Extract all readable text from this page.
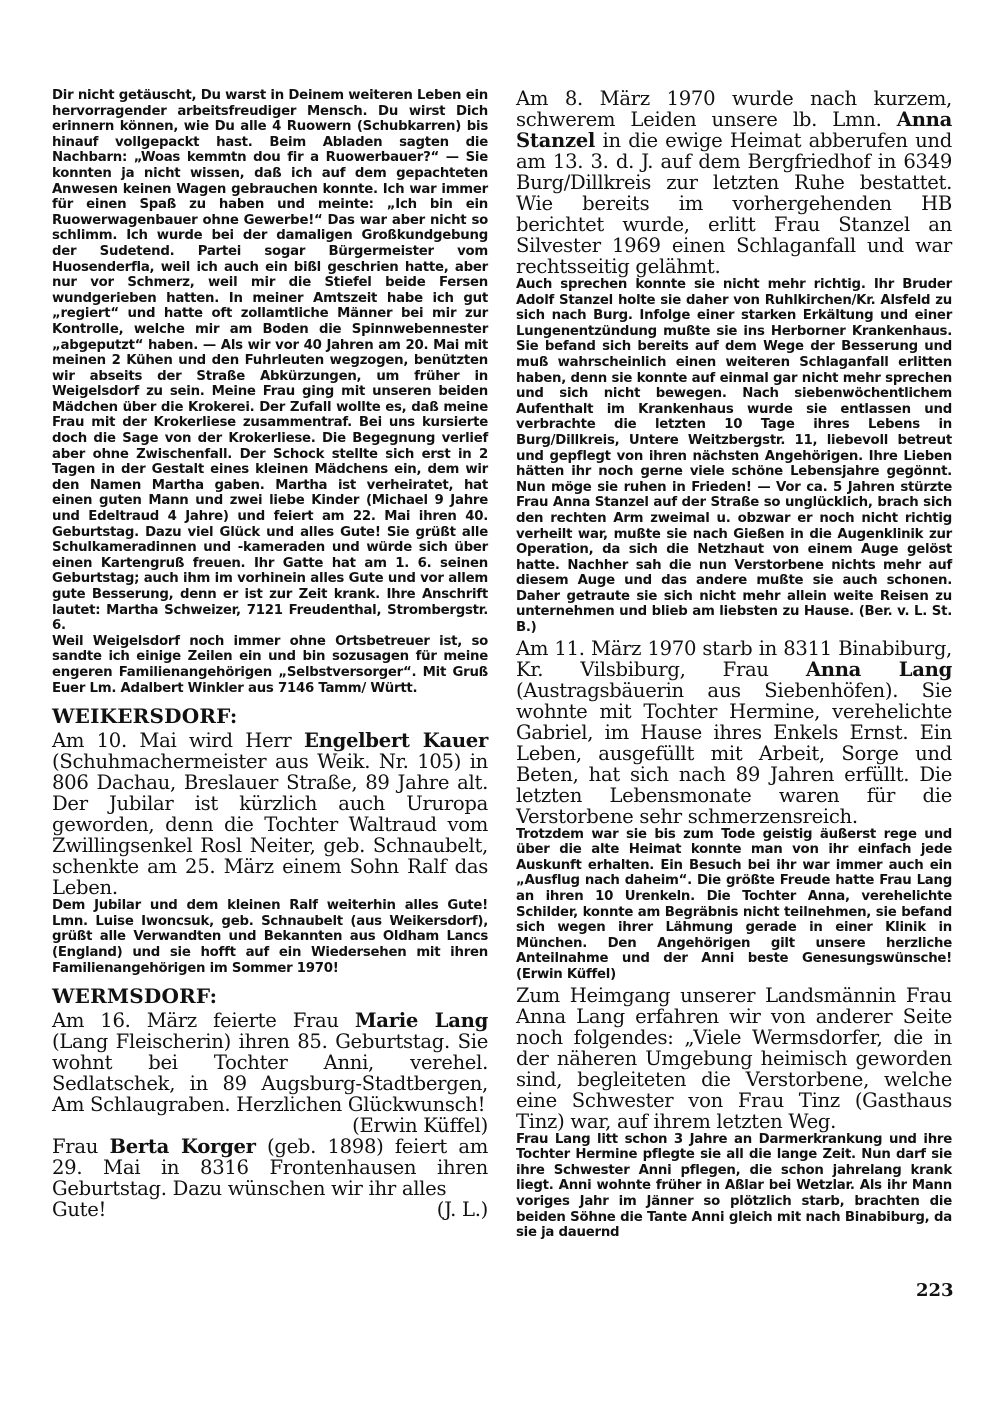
Dir nicht getäuscht, Du warst in Deinem weiteren Leben ein hervorragender arbeitsfreudiger Mensch. Du wirst Dich erinnern können, wie Du alle 4 Ruowern (Schubkarren) bis hinauf vollgepackt hast. Beim Abladen sagten die Nachbarn: „Woas kemmtn dou fir a Ruowerbauer?“ — Sie konnten ja nicht wissen, daß ich auf dem gepachteten Anwesen keinen Wagen gebrauchen konnte. Ich war immer für einen Spaß zu haben und meinte: „Ich bin ein Ruowerwagenbauer ohne Gewerbe!“ Das war aber nicht so schlimm. Ich wurde bei der damaligen Großkundgebung der Sudetend. Partei sogar Bürgermeister vom Huosenderfla, weil ich auch ein bißl geschrien hatte, aber nur vor Schmerz, weil mir die Stiefel beide Fersen wundgerieben hatten. In meiner Amtszeit habe ich gut „regiert“ und hatte oft zollamtliche Männer bei mir zur Kontrolle, welche mir am Boden die Spinnwebennester „abgeputzt“ haben. — Als wir vor 40 Jahren am 20. Mai mit meinen 2 Kühen und den Fuhrleuten wegzogen, benützten wir abseits der Straße Abkürzungen, um früher in Weigelsdorf zu sein. Meine Frau ging mit unseren beiden Mädchen über die Krokerei. Der Zufall wollte es, daß meine Frau mit der Krokerliese zusammentraf. Bei uns kursierte doch die Sage von der Krokerliese. Die Begegnung verlief aber ohne Zwischenfall. Der Schock stellte sich erst in 2 Tagen in der Gestalt eines kleinen Mädchens ein, dem wir den Namen Martha gaben. Martha ist verheiratet, hat einen guten Mann und zwei liebe Kinder (Michael 9 Jahre und Edeltraud 4 Jahre) und feiert am 22. Mai ihren 40. Geburtstag. Dazu viel Glück und alles Gute! Sie grüßt alle Schulkameradinnen und -kameraden und würde sich über einen Kartengruß freuen. Ihr Gatte hat am 1. 6. seinen Geburtstag; auch ihm im vorhinein alles Gute und vor allem gute Besserung, denn er ist zur Zeit krank. Ihre Anschrift lautet: Martha Schweizer, 7121 Freudenthal, Strombergstr. 6.

Weil Weigelsdorf noch immer ohne Ortsbetreuer ist, so sandte ich einige Zeilen ein und bin sozusagen für meine engeren Familienangehörigen „Selbstversorger“. Mit Gruß Euer Lm. Adalbert Winkler aus 7146 Tamm/ Württ.

WEIKERSDORF:

Am 10. Mai wird Herr Engelbert Kauer (Schuhmachermeister aus Weik. Nr. 105) in 806 Dachau, Breslauer Straße, 89 Jahre alt. Der Jubilar ist kürzlich auch Ururopa geworden, denn die Tochter Waltraud vom Zwillingsenkel Rosl Neiter, geb. Schnaubelt, schenkte am 25. März einem Sohn Ralf das Leben.

Dem Jubilar und dem kleinen Ralf weiterhin alles Gute! Lmn. Luise Iwoncsuk, geb. Schnaubelt (aus Weikersdorf), grüßt alle Verwandten und Bekannten aus Oldham Lancs (England) und sie hofft auf ein Wiedersehen mit ihren Familienangehörigen im Sommer 1970!

WERMSDORF:

Am 16. März feierte Frau Marie Lang (Lang Fleischerin) ihren 85. Geburtstag. Sie wohnt bei Tochter Anni, verehel. Sedlatschek, in 89 Augsburg-Stadtbergen, Am Schlaugraben. Herzlichen Glückwunsch!

(Erwin Küffel)

Frau Berta Korger (geb. 1898) feiert am 29. Mai in 8316 Frontenhausen ihren Geburtstag. Dazu wünschen wir ihr alles

Gute!	(J. L.)

Am 8. März 1970 wurde nach kurzem, schwerem Leiden unsere lb. Lmn. Anna Stanzel in die ewige Heimat abberufen und am 13. 3. d. J. auf dem Bergfriedhof in 6349 Burg/Dillkreis zur letzten Ruhe bestattet. Wie bereits im vorhergehenden HB berichtet wurde, erlitt Frau Stanzel an Silvester 1969 einen Schlaganfall und war rechtsseitig gelähmt.

Auch sprechen konnte sie nicht mehr richtig. Ihr Bruder Adolf Stanzel holte sie daher von Ruhlkirchen/Kr. Alsfeld zu sich nach Burg. Infolge einer starken Erkältung und einer Lungenentzündung mußte sie ins Herborner Krankenhaus. Sie befand sich bereits auf dem Wege der Besserung und muß wahrscheinlich einen weiteren Schlaganfall erlitten haben, denn sie konnte auf einmal gar nicht mehr sprechen und sich nicht bewegen. Nach siebenwöchentlichem Aufenthalt im Krankenhaus wurde sie entlassen und verbrachte die letzten 10 Tage ihres Lebens in Burg/Dillkreis, Untere Weitzbergstr. 11, liebevoll betreut und gepflegt von ihren nächsten Angehörigen. Ihre Lieben hätten ihr noch gerne viele schöne Lebensjahre gegönnt. Nun möge sie ruhen in Frieden! — Vor ca. 5 Jahren stürzte Frau Anna Stanzel auf der Straße so unglücklich, brach sich den rechten Arm zweimal u. obzwar er noch nicht richtig verheilt war, mußte sie nach Gießen in die Augenklinik zur Operation, da sich die Netzhaut von einem Auge gelöst hatte. Nachher sah die nun Verstorbene nichts mehr auf diesem Auge und das andere mußte sie auch schonen. Daher getraute sie sich nicht mehr allein weite Reisen zu unternehmen und blieb am liebsten zu Hause. (Ber. v. L. St. B.)

Am 11. März 1970 starb in 8311 Binabiburg, Kr. Vilsbiburg, Frau Anna Lang (Austragsbäuerin aus Siebenhöfen). Sie wohnte mit Tochter Hermine, verehelichte Gabriel, im Hause ihres Enkels Ernst. Ein Leben, ausgefüllt mit Arbeit, Sorge und Beten, hat sich nach 89 Jahren erfüllt. Die letzten Lebensmonate waren für die Verstorbene sehr schmerzensreich.

Trotzdem war sie bis zum Tode geistig äußerst rege und über die alte Heimat konnte man von ihr einfach jede Auskunft erhalten. Ein Besuch bei ihr war immer auch ein „Ausflug nach daheim“. Die größte Freude hatte Frau Lang an ihren 10 Urenkeln. Die Tochter Anna, verehelichte Schilder, konnte am Begräbnis nicht teilnehmen, sie befand sich wegen ihrer Lähmung gerade in einer Klinik in München. Den Angehörigen gilt unsere herzliche Anteilnahme und der Anni beste Genesungswünsche! (Erwin Küffel)

Zum Heimgang unserer Landsmännin Frau Anna Lang erfahren wir von anderer Seite noch folgendes: „Viele Wermsdorfer, die in der näheren Umgebung heimisch geworden sind, begleiteten die Verstorbene, welche eine Schwester von Frau Tinz (Gasthaus Tinz) war, auf ihrem letzten Weg.

Frau Lang litt schon 3 Jahre an Darmerkrankung und ihre Tochter Hermine pflegte sie all die lange Zeit. Nun darf sie ihre Schwester Anni pflegen, die schon jahrelang krank liegt. Anni wohnte früher in Aßlar bei Wetzlar. Als ihr Mann voriges Jahr im Jänner so plötzlich starb, brachten die beiden Söhne die Tante Anni gleich mit nach Binabiburg, da sie ja dauernd

223
